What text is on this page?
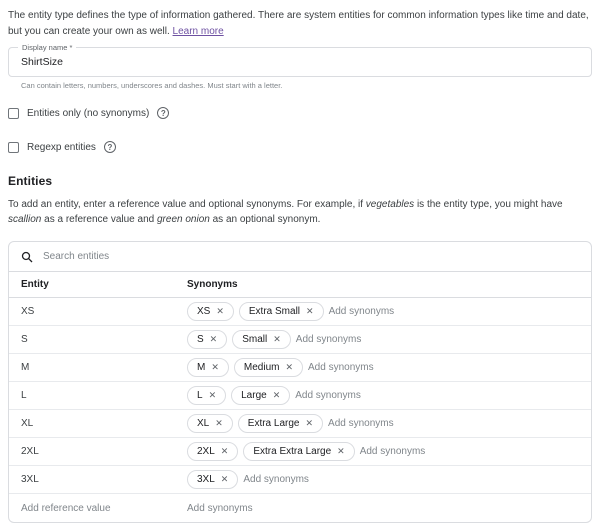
The entity type defines the type of information gathered. There are system entities for common information types like time and date, but you can create your own as well. Learn more

Display name *
ShirtSize
Can contain letters, numbers, underscores and dashes. Must start with a letter.
Entities only (no synonyms)	?
Regexp entities	?
Entities

To add an entity, enter a reference value and optional synonyms. For example, if vegetables is the entity type, you might have scallion as a reference value and green onion as an optional synonym.

Search entities
Entity	Synonyms
XS	XS ✕	Extra Small ✕ Add synonyms
S	S ✕	Small ✕ Add synonyms
M	M ✕	Medium ✕ Add synonyms
L	L ✕	Large ✕ Add synonyms
XL	XL ✕	Extra Large ✕ Add synonyms
2XL	2XL ✕	Extra Extra Large ✕ Add synonyms
3XL	3XL ✕ Add synonyms
Add reference value	Add synonyms
